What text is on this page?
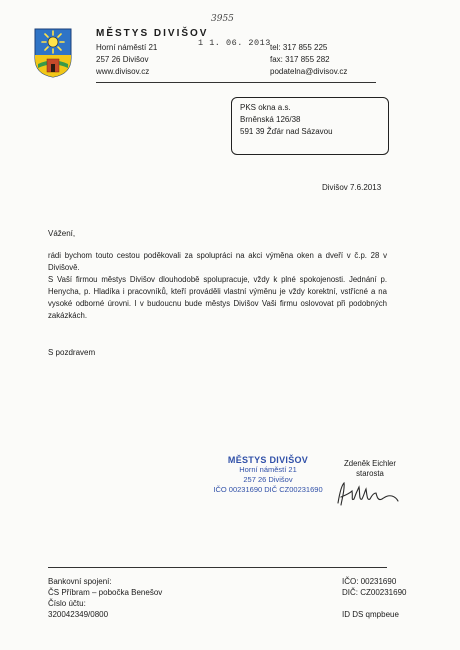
MĚSTYS DIVIŠOV
Horní náměstí 21
257 26 Divišov
www.divisov.cz
tel: 317 855 225
fax: 317 855 282
podatelna@divisov.cz
3955
1 1. 06. 2013
PKS okna a.s.
Brněnská 126/38
591 39 Žďár nad Sázavou
Divišov 7.6.2013
Vážení,

rádi bychom touto cestou poděkovali za spolupráci na akci výměna oken a dveří v č.p. 28 v Divišově.

S Vaší firmou městys Divišov dlouhodobě spolupracuje, vždy k plné spokojenosti. Jednání p. Henycha, p. Hladíka i pracovníků, kteří prováděli vlastní výměnu je vždy korektní, vstřícné a na vysoké odborné úrovni. I v budoucnu bude městys Divišov Vaši firmu oslovovat při podobných zakázkách.

S pozdravem
MĚSTYS DIVIŠOV
Horní náměstí 21
257 26 Divišov
IČO 00231690 DIČ CZ00231690
Zdeněk Eichler
starosta
Bankovní spojení:
ČS Příbram – pobočka Benešov
Číslo účtu:
320042349/0800
IČO: 00231690
DIČ: CZ00231690
ID DS qmpbeue
